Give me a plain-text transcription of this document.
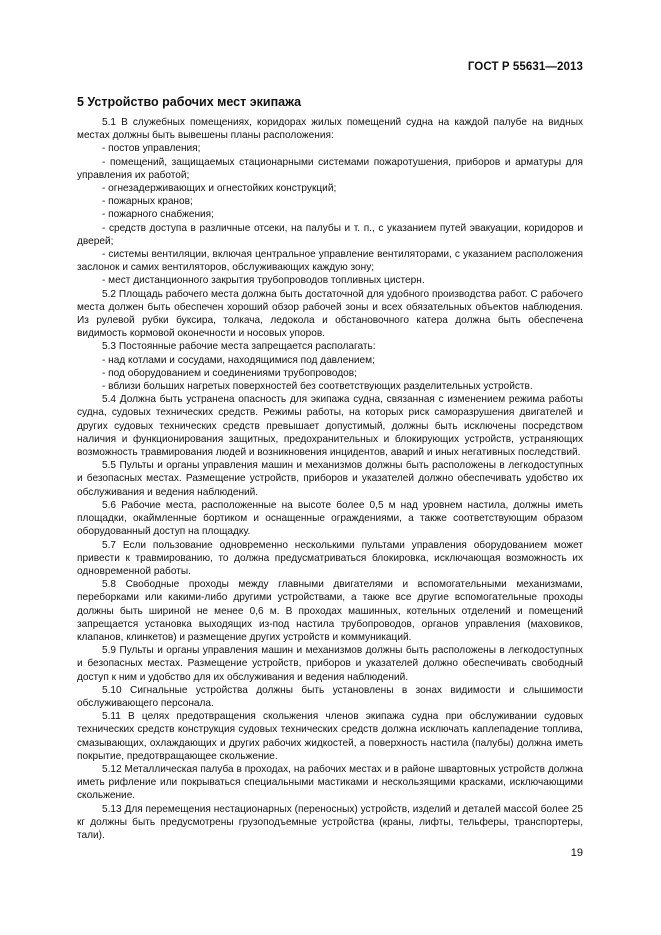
ГОСТ Р 55631—2013
5 Устройство рабочих мест экипажа

5.1 В служебных помещениях, коридорах жилых помещений судна на каждой палубе на видных местах должны быть вывешены планы расположения:

- постов управления;

- помещений, защищаемых стационарными системами пожаротушения, приборов и арматуры для управления их работой;

- огнезадерживающих и огнестойких конструкций;

- пожарных кранов;

- пожарного снабжения;

- средств доступа в различные отсеки, на палубы и т. п., с указанием путей эвакуации, коридоров и дверей;

- системы вентиляции, включая центральное управление вентиляторами, с указанием расположения заслонок и самих вентиляторов, обслуживающих каждую зону;

- мест дистанционного закрытия трубопроводов топливных цистерн.

5.2 Площадь рабочего места должна быть достаточной для удобного производства работ. С рабочего места должен быть обеспечен хороший обзор рабочей зоны и всех обязательных объектов наблюдения. Из рулевой рубки буксира, толкача, ледокола и обстановочного катера должна быть обеспечена видимость кормовой оконечности и носовых упоров.

5.3 Постоянные рабочие места запрещается располагать:

- над котлами и сосудами, находящимися под давлением;

- под оборудованием и соединениями трубопроводов;

- вблизи больших нагретых поверхностей без соответствующих разделительных устройств.

5.4 Должна быть устранена опасность для экипажа судна, связанная с изменением режима работы судна, судовых технических средств. Режимы работы, на которых риск саморазрушения двигателей и других судовых технических средств превышает допустимый, должны быть исключены посредством наличия и функционирования защитных, предохранительных и блокирующих устройств, устраняющих возможность травмирования людей и возникновения инцидентов, аварий и иных негативных последствий.

5.5 Пульты и органы управления машин и механизмов должны быть расположены в легкодоступных и безопасных местах. Размещение устройств, приборов и указателей должно обеспечивать удобство их обслуживания и ведения наблюдений.

5.6 Рабочие места, расположенные на высоте более 0,5 м над уровнем настила, должны иметь площадки, окаймленные бортиком и оснащенные ограждениями, а также соответствующим образом оборудованный доступ на площадку.

5.7 Если пользование одновременно несколькими пультами управления оборудованием может привести к травмированию, то должна предусматриваться блокировка, исключающая возможность их одновременной работы.

5.8 Свободные проходы между главными двигателями и вспомогательными механизмами, переборками или какими-либо другими устройствами, а также все другие вспомогательные проходы должны быть шириной не менее 0,6 м. В проходах машинных, котельных отделений и помещений запрещается установка выходящих из-под настила трубопроводов, органов управления (маховиков, клапанов, клинкетов) и размещение других устройств и коммуникаций.

5.9 Пульты и органы управления машин и механизмов должны быть расположены в легкодоступных и безопасных местах. Размещение устройств, приборов и указателей должно обеспечивать свободный доступ к ним и удобство для их обслуживания и ведения наблюдений.

5.10 Сигнальные устройства должны быть установлены в зонах видимости и слышимости обслуживающего персонала.

5.11 В целях предотвращения скольжения членов экипажа судна при обслуживании судовых технических средств конструкция судовых технических средств должна исключать каплепадение топлива, смазывающих, охлаждающих и других рабочих жидкостей, а поверхность настила (палубы) должна иметь покрытие, предотвращающее скольжение.

5.12 Металлическая палуба в проходах, на рабочих местах и в районе швартовных устройств должна иметь рифление или покрываться специальными мастиками и нескользящими красками, исключающими скольжение.

5.13 Для перемещения нестационарных (переносных) устройств, изделий и деталей массой более 25 кг должны быть предусмотрены грузоподъемные устройства (краны, лифты, тельферы, транспортеры, тали).

19
